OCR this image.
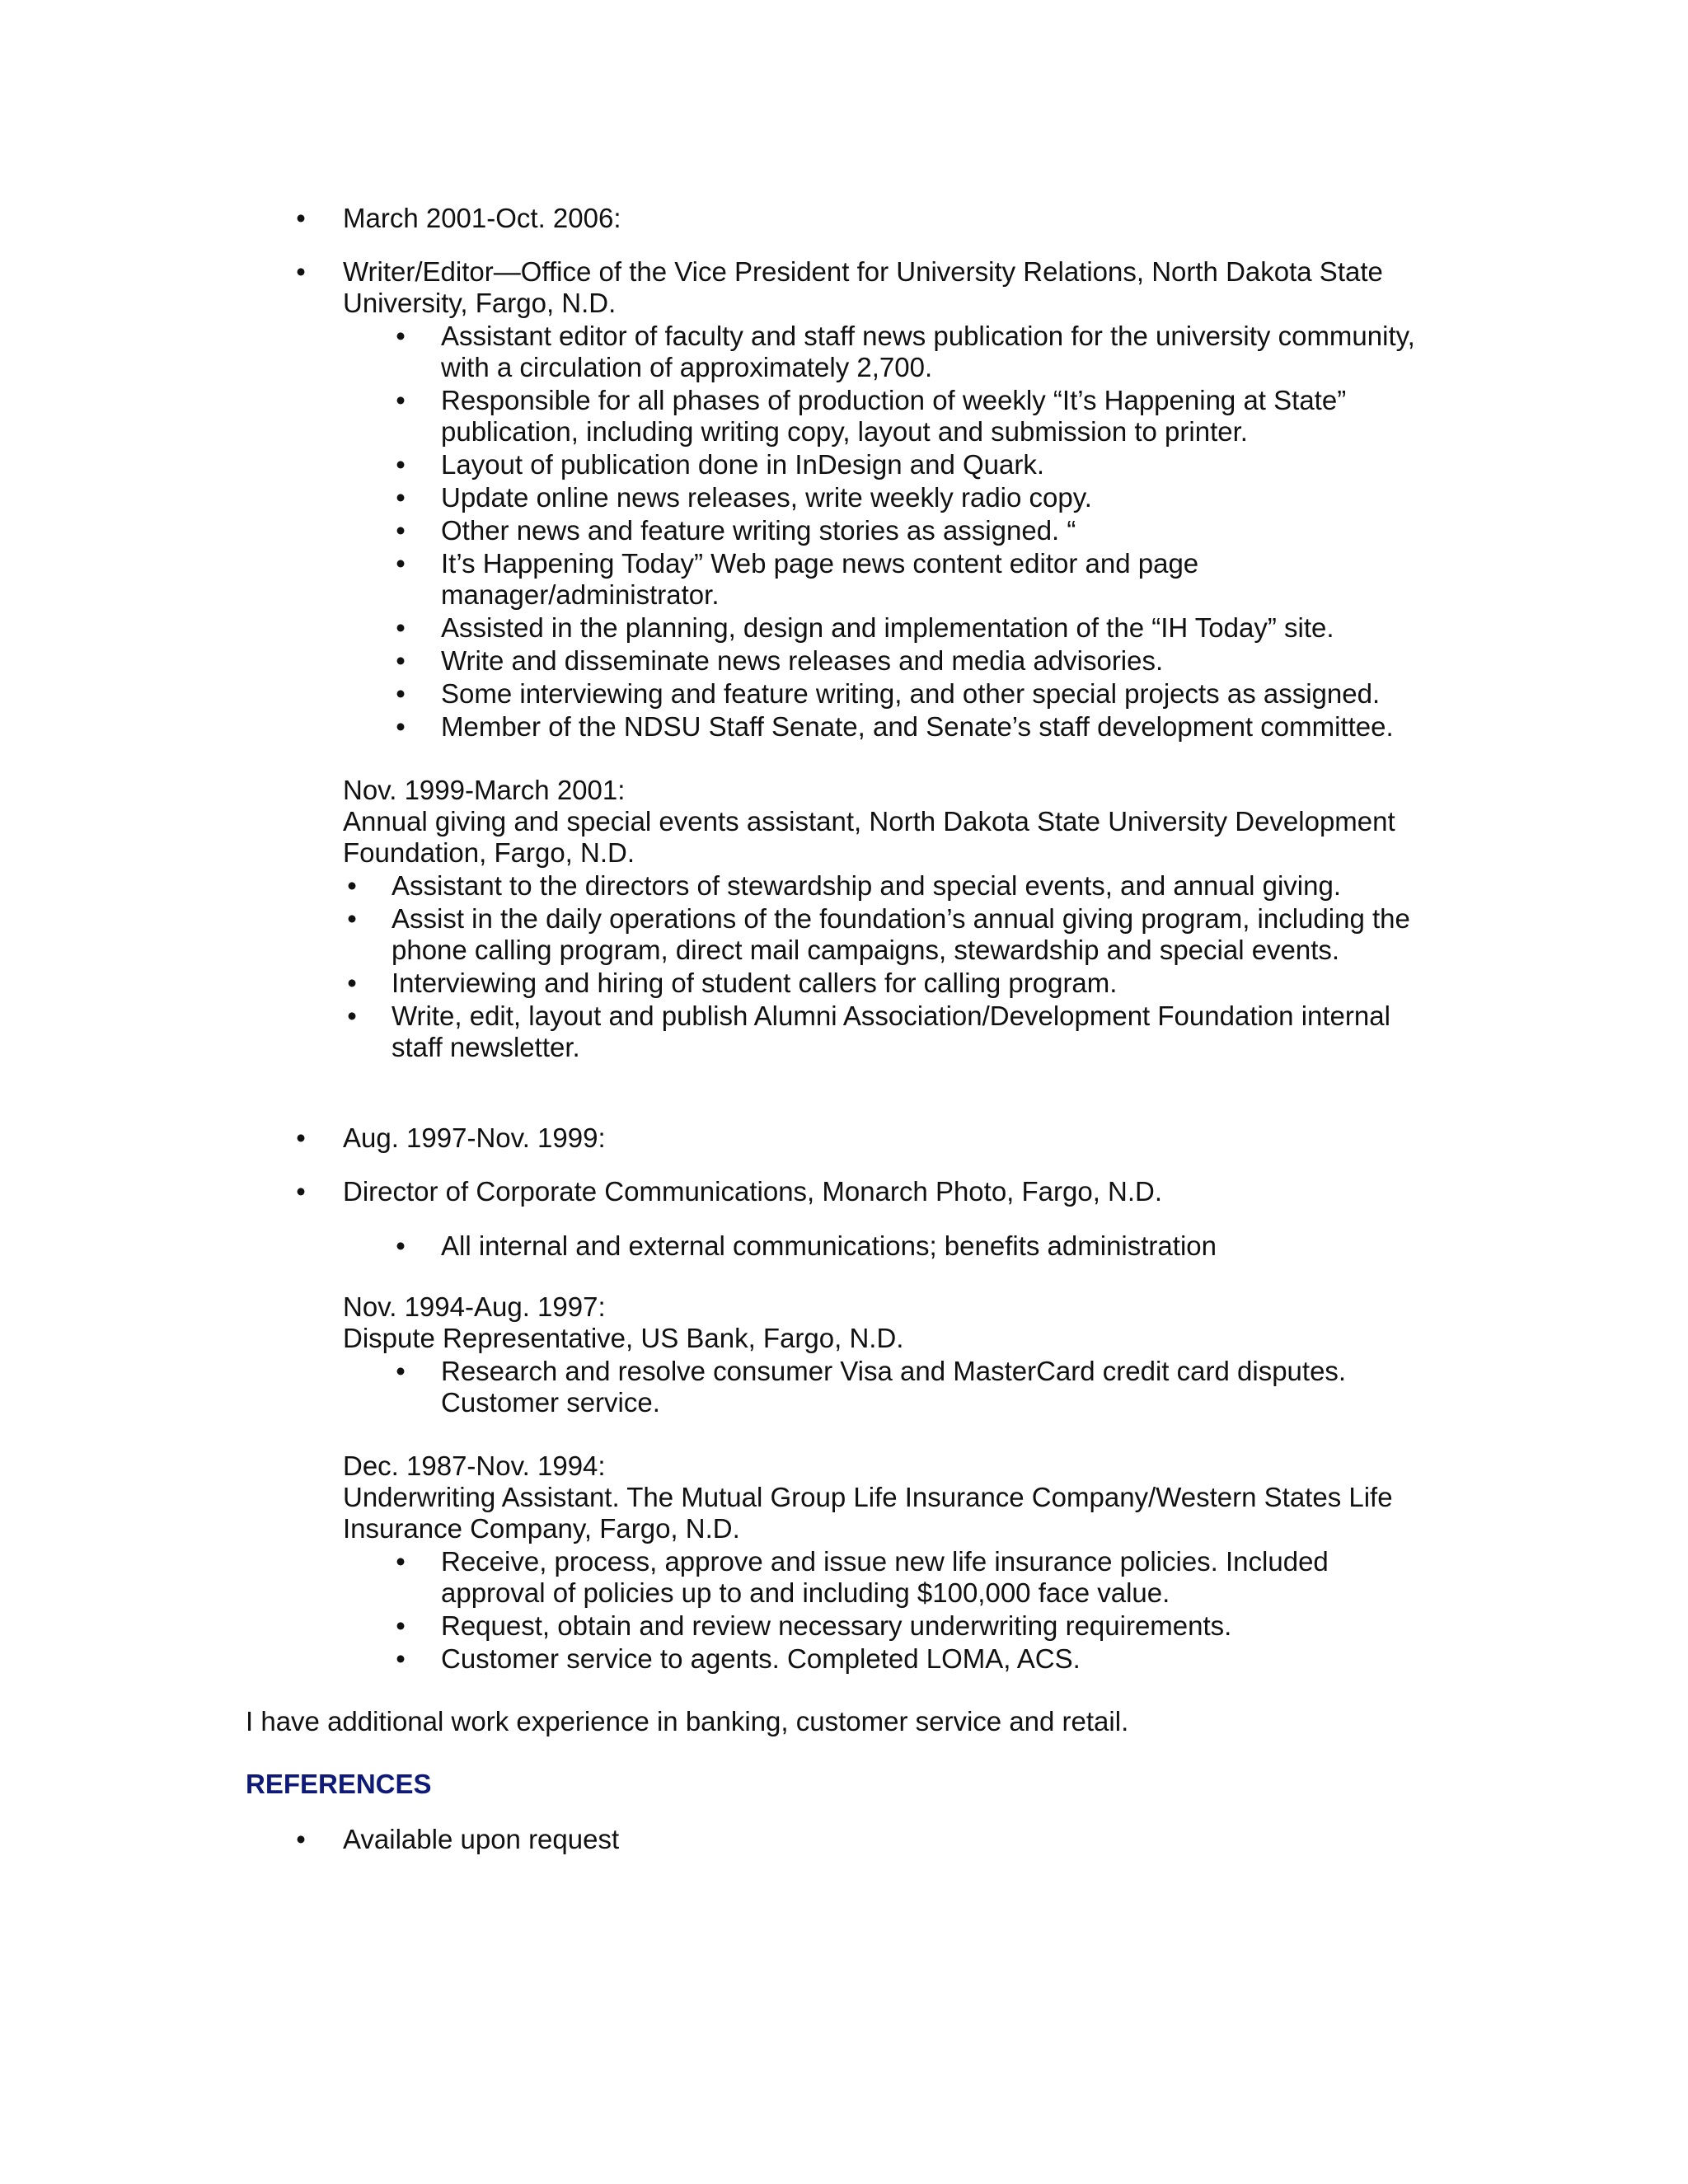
• March 2001-Oct. 2006:
• Writer/Editor—Office of the Vice President for University Relations, North Dakota State
University, Fargo, N.D.
• Assistant editor of faculty and staff news publication for the university community,
with a circulation of approximately 2,700.
• Responsible for all phases of production of weekly “It’s Happening at State”
publication, including writing copy, layout and submission to printer.
• Layout of publication done in InDesign and Quark.
• Update online news releases, write weekly radio copy.
• Other news and feature writing stories as assigned. “
• It’s Happening Today” Web page news content editor and page
manager/administrator.
• Assisted in the planning, design and implementation of the “IH Today” site.
• Write and disseminate news releases and media advisories.
• Some interviewing and feature writing, and other special projects as assigned.
• Member of the NDSU Staff Senate, and Senate’s staff development committee.
Nov. 1999-March 2001:
Annual giving and special events assistant, North Dakota State University Development
Foundation, Fargo, N.D.
• Assistant to the directors of stewardship and special events, and annual giving.
• Assist in the daily operations of the foundation’s annual giving program, including the
phone calling program, direct mail campaigns, stewardship and special events.
• Interviewing and hiring of student callers for calling program.
• Write, edit, layout and publish Alumni Association/Development Foundation internal
staff newsletter.
• Aug. 1997-Nov. 1999:
• Director of Corporate Communications, Monarch Photo, Fargo, N.D.
• All internal and external communications; benefits administration
Nov. 1994-Aug. 1997:
Dispute Representative, US Bank, Fargo, N.D.
• Research and resolve consumer Visa and MasterCard credit card disputes.
Customer service.
Dec. 1987-Nov. 1994:
Underwriting Assistant. The Mutual Group Life Insurance Company/Western States Life
Insurance Company, Fargo, N.D.
• Receive, process, approve and issue new life insurance policies. Included
approval of policies up to and including $100,000 face value.
• Request, obtain and review necessary underwriting requirements.
• Customer service to agents. Completed LOMA, ACS.
I have additional work experience in banking, customer service and retail.
REFERENCES
• Available upon request
